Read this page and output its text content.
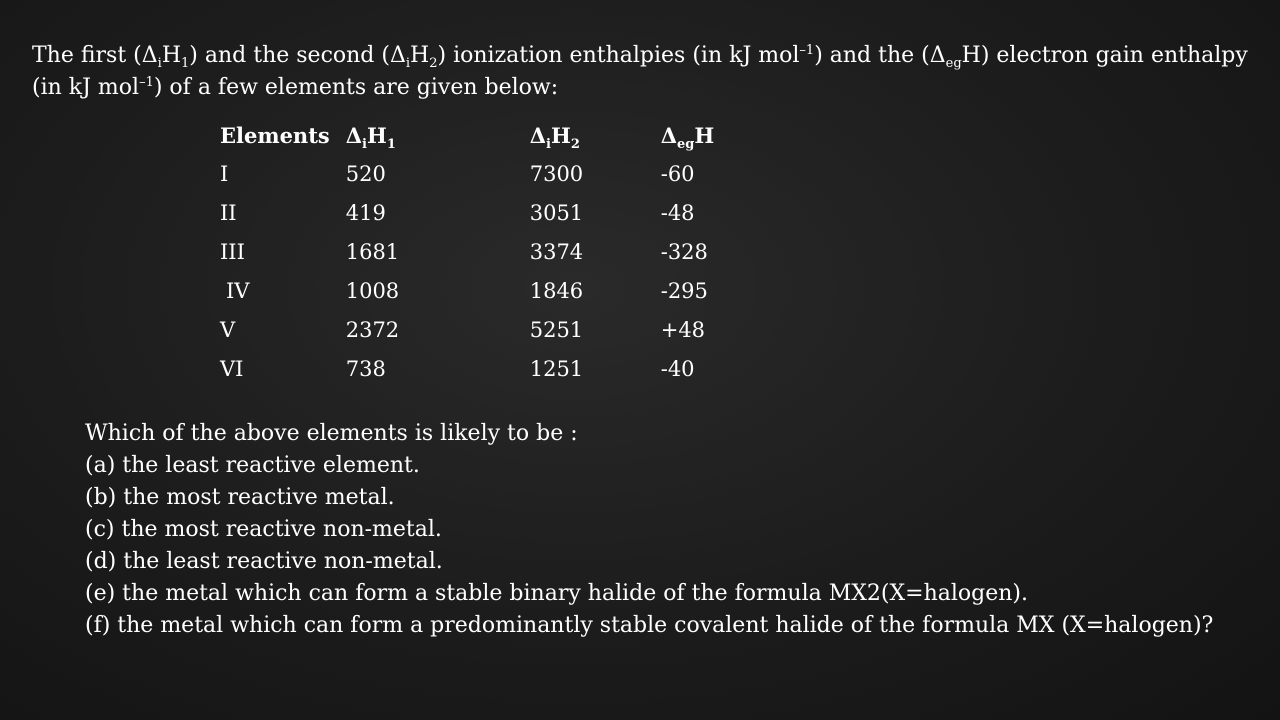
The first $(\Delta_iH_1)$ and the second $(\Delta_iH_2)$ ionization enthalpies (in kJ mol$^{-1}$) and the $(\Delta_{eg}H)$ electron gain enthalpy (in kJ mol$^{-1}$) of a few elements are given below:

Elements	$\Delta_iH_1$	$\Delta_iH_2$	$\Delta_{eg}H$
I	520	7300	-60
II	419	3051	-48
III	1681	3374	-328
IV	1008	1846	-295
V	2372	5251	+48
VI	738	1251	-40
Which of the above elements is likely to be :
(a) the least reactive element.
(b) the most reactive metal.
(c) the most reactive non-metal.
(d) the least reactive non-metal.
(e) the metal which can form a stable binary halide of the formula MX2(X=halogen).
(f) the metal which can form a predominantly stable covalent halide of the formula MX (X=halogen)?
